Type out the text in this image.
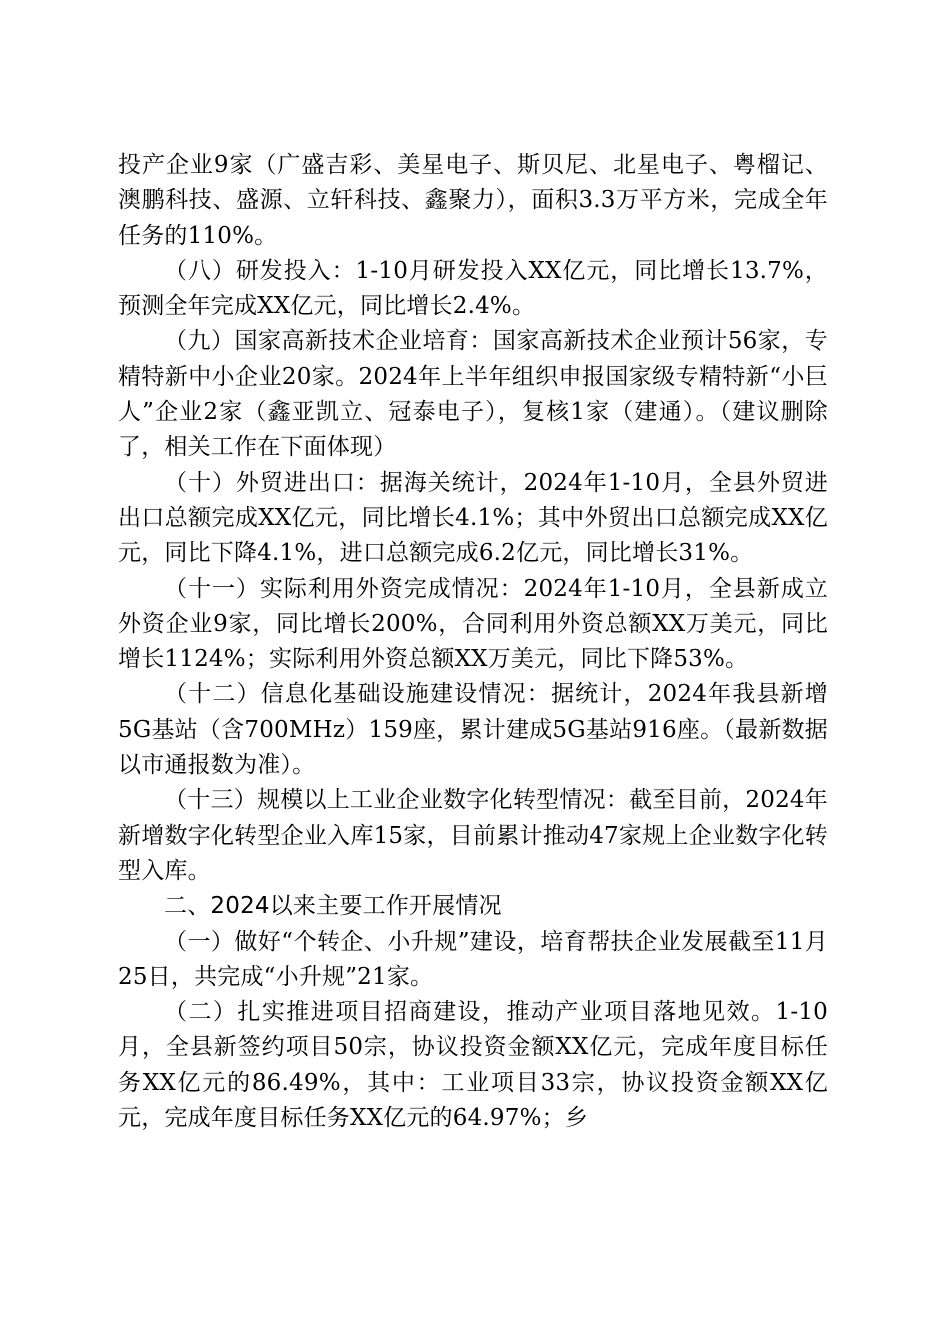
投产企业9家（广盛吉彩、美星电子、斯贝尼、北星电子、粤榴记、澳鹏科技、盛源、立轩科技、鑫聚力），面积3.3万平方米，完成全年任务的110%。

（八）研发投入：1-10月研发投入XX亿元，同比增长13.7%，预测全年完成XX亿元，同比增长2.4%。

（九）国家高新技术企业培育：国家高新技术企业预计56家，专精特新中小企业20家。2024年上半年组织申报国家级专精特新“小巨人”企业2家（鑫亚凯立、冠泰电子），复核1家（建通）。（建议删除了，相关工作在下面体现）

（十）外贸进出口：据海关统计，2024年1-10月，全县外贸进出口总额完成XX亿元，同比增长4.1%；其中外贸出口总额完成XX亿元，同比下降4.1%，进口总额完成6.2亿元，同比增长31%。

（十一）实际利用外资完成情况：2024年1-10月，全县新成立外资企业9家，同比增长200%，合同利用外资总额XX万美元，同比增长1124%；实际利用外资总额XX万美元，同比下降53%。

（十二）信息化基础设施建设情况：据统计，2024年我县新增5G基站（含700MHz）159座，累计建成5G基站916座。（最新数据以市通报数为准）。

（十三）规模以上工业企业数字化转型情况：截至目前，2024年新增数字化转型企业入库15家，目前累计推动47家规上企业数字化转型入库。

二、2024以来主要工作开展情况

（一）做好“个转企、小升规”建设，培育帮扶企业发展截至11月25日，共完成“小升规”21家。

（二）扎实推进项目招商建设，推动产业项目落地见效。1-10月，全县新签约项目50宗，协议投资金额XX亿元，完成年度目标任务XX亿元的86.49%，其中：工业项目33宗，协议投资金额XX亿元，完成年度目标任务XX亿元的64.97%；乡
